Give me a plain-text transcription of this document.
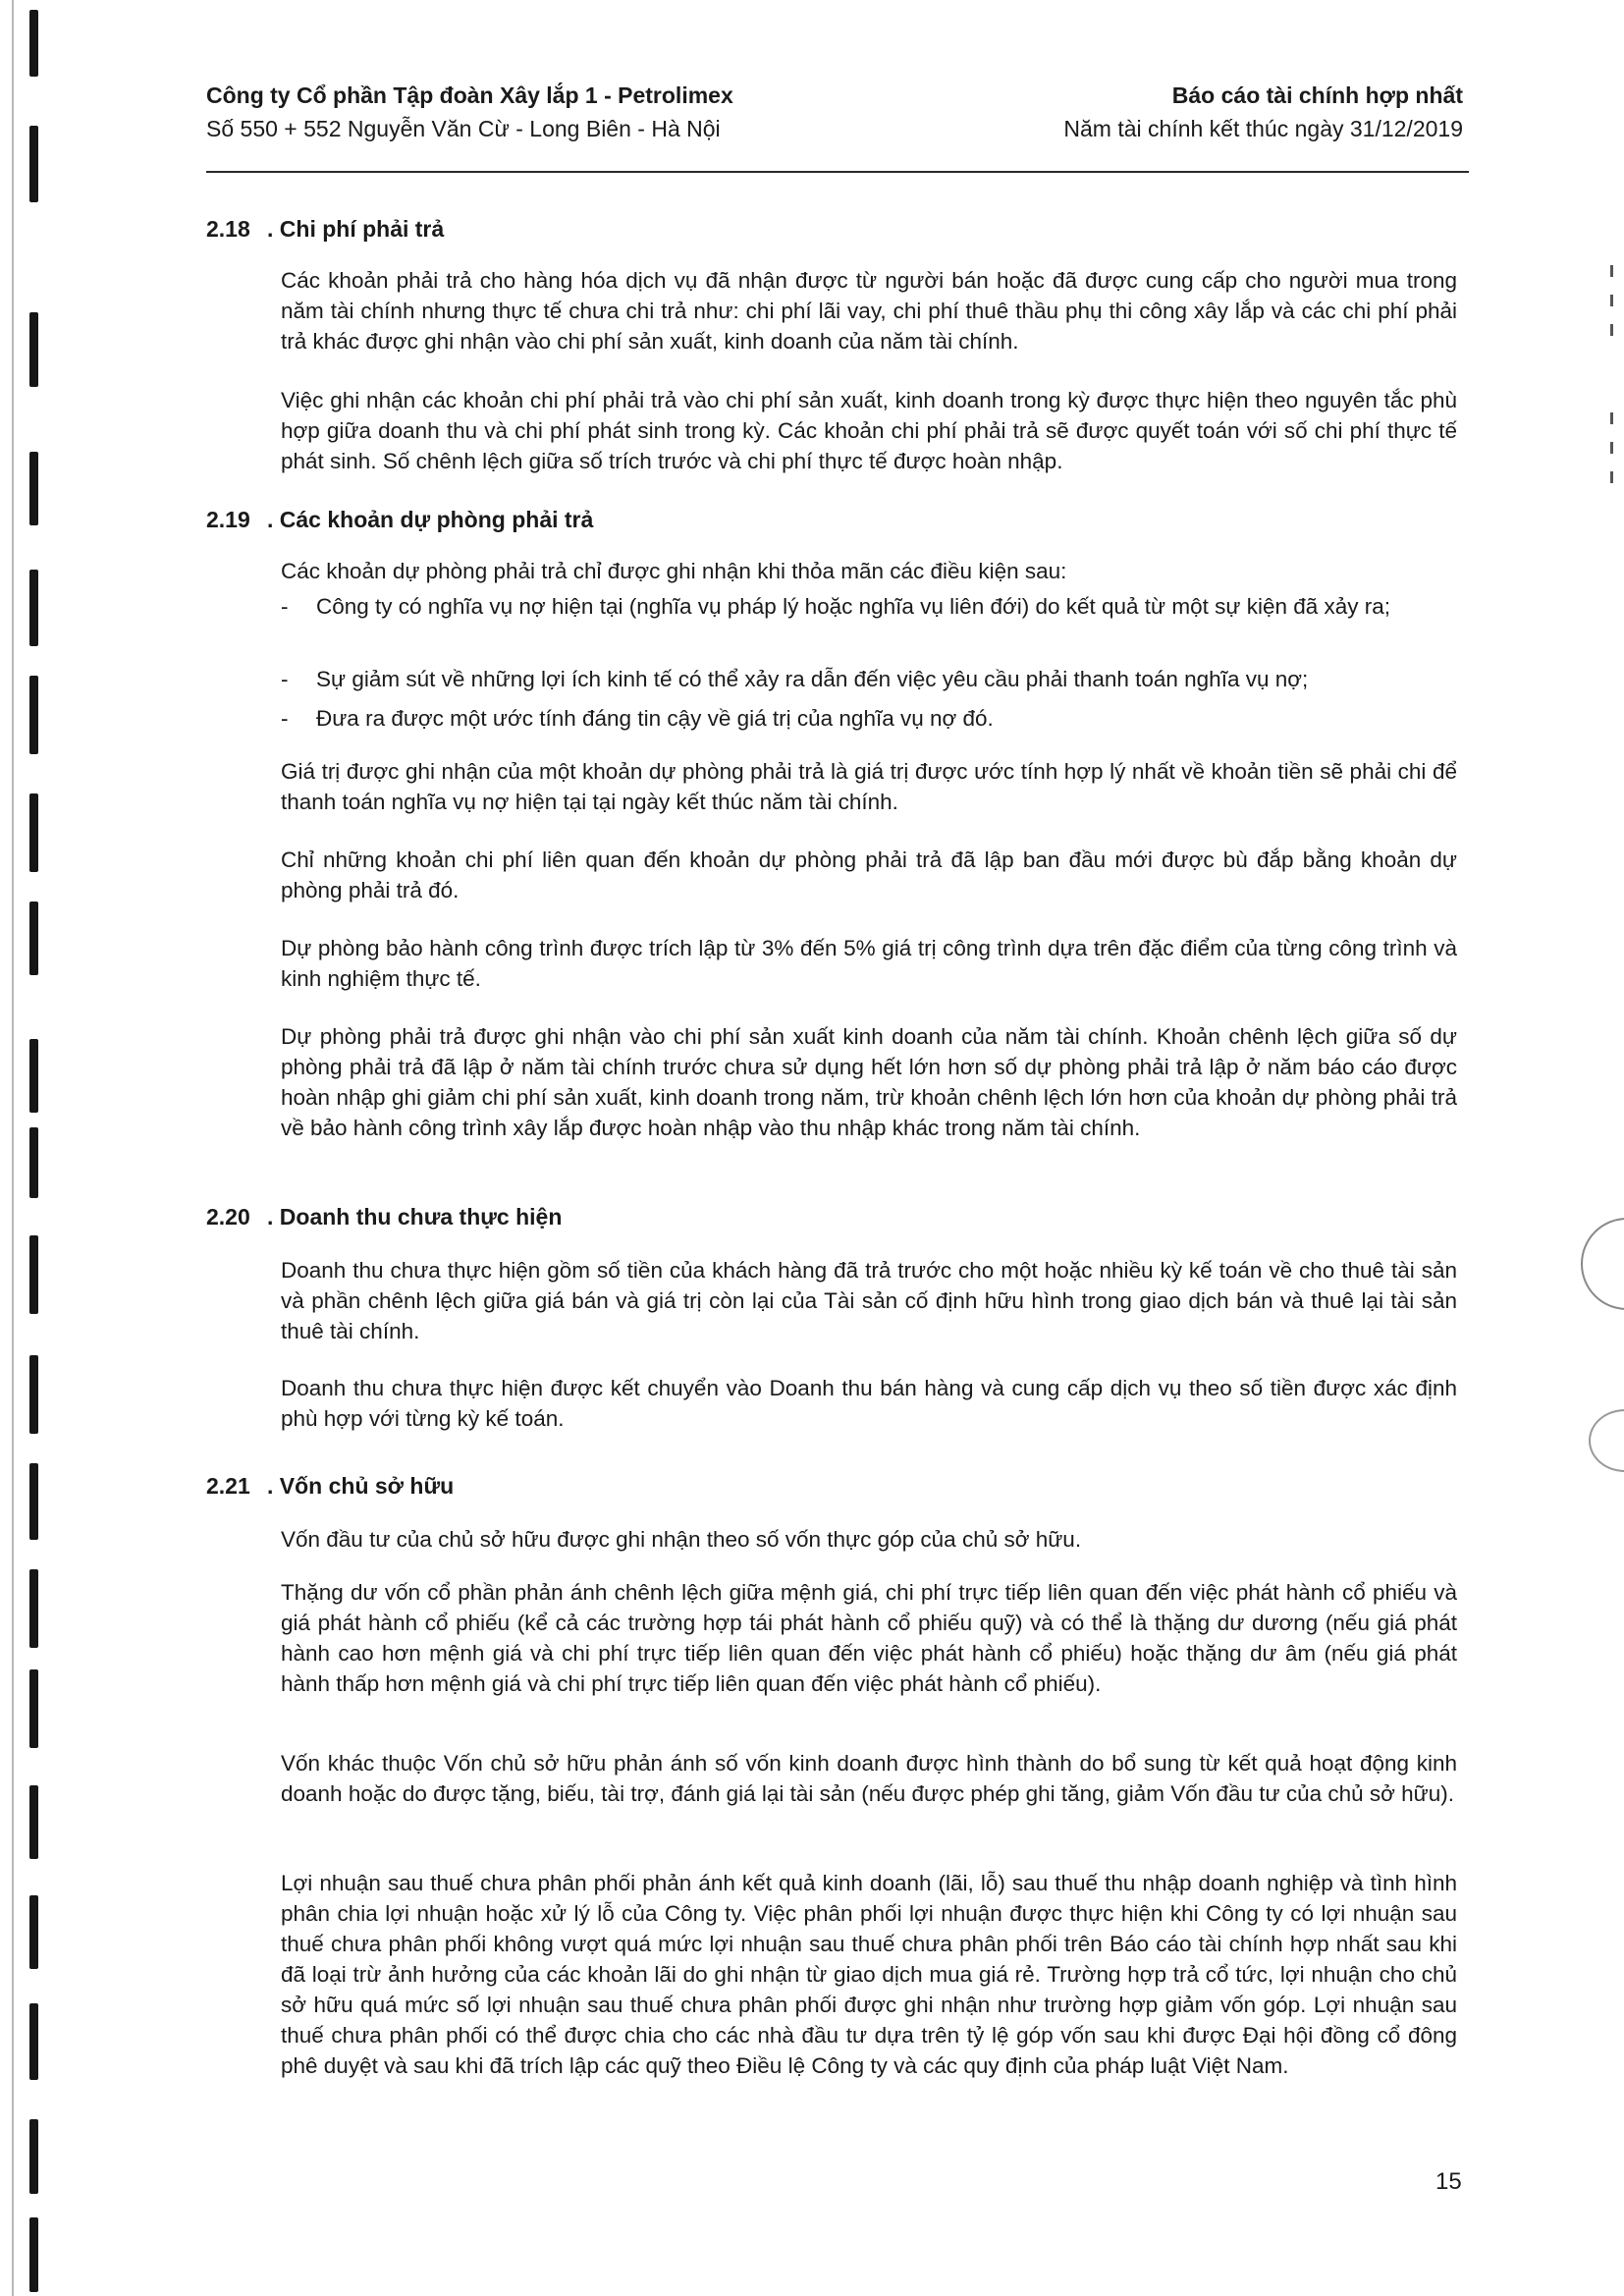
Công ty Cổ phần Tập đoàn Xây lắp 1 - Petrolimex	Báo cáo tài chính hợp nhất
Số 550 + 552 Nguyễn Văn Cừ - Long Biên - Hà Nội	Năm tài chính kết thúc ngày 31/12/2019
2.18 . Chi phí phải trả

Các khoản phải trả cho hàng hóa dịch vụ đã nhận được từ người bán hoặc đã được cung cấp cho người mua trong năm tài chính nhưng thực tế chưa chi trả như: chi phí lãi vay, chi phí thuê thầu phụ thi công xây lắp và các chi phí phải trả khác được ghi nhận vào chi phí sản xuất, kinh doanh của năm tài chính.

Việc ghi nhận các khoản chi phí phải trả vào chi phí sản xuất, kinh doanh trong kỳ được thực hiện theo nguyên tắc phù hợp giữa doanh thu và chi phí phát sinh trong kỳ. Các khoản chi phí phải trả sẽ được quyết toán với số chi phí thực tế phát sinh. Số chênh lệch giữa số trích trước và chi phí thực tế được hoàn nhập.

2.19 . Các khoản dự phòng phải trả

Các khoản dự phòng phải trả chỉ được ghi nhận khi thỏa mãn các điều kiện sau:

- Công ty có nghĩa vụ nợ hiện tại (nghĩa vụ pháp lý hoặc nghĩa vụ liên đới) do kết quả từ một sự kiện đã xảy ra;
- Sự giảm sút về những lợi ích kinh tế có thể xảy ra dẫn đến việc yêu cầu phải thanh toán nghĩa vụ nợ;
- Đưa ra được một ước tính đáng tin cậy về giá trị của nghĩa vụ nợ đó.

Giá trị được ghi nhận của một khoản dự phòng phải trả là giá trị được ước tính hợp lý nhất về khoản tiền sẽ phải chi để thanh toán nghĩa vụ nợ hiện tại tại ngày kết thúc năm tài chính.

Chỉ những khoản chi phí liên quan đến khoản dự phòng phải trả đã lập ban đầu mới được bù đắp bằng khoản dự phòng phải trả đó.

Dự phòng bảo hành công trình được trích lập từ 3% đến 5% giá trị công trình dựa trên đặc điểm của từng công trình và kinh nghiệm thực tế.

Dự phòng phải trả được ghi nhận vào chi phí sản xuất kinh doanh của năm tài chính. Khoản chênh lệch giữa số dự phòng phải trả đã lập ở năm tài chính trước chưa sử dụng hết lớn hơn số dự phòng phải trả lập ở năm báo cáo được hoàn nhập ghi giảm chi phí sản xuất, kinh doanh trong năm, trừ khoản chênh lệch lớn hơn của khoản dự phòng phải trả về bảo hành công trình xây lắp được hoàn nhập vào thu nhập khác trong năm tài chính.

2.20 . Doanh thu chưa thực hiện

Doanh thu chưa thực hiện gồm số tiền của khách hàng đã trả trước cho một hoặc nhiều kỳ kế toán về cho thuê tài sản và phần chênh lệch giữa giá bán và giá trị còn lại của Tài sản cố định hữu hình trong giao dịch bán và thuê lại tài sản thuê tài chính.

Doanh thu chưa thực hiện được kết chuyển vào Doanh thu bán hàng và cung cấp dịch vụ theo số tiền được xác định phù hợp với từng kỳ kế toán.

2.21 . Vốn chủ sở hữu

Vốn đầu tư của chủ sở hữu được ghi nhận theo số vốn thực góp của chủ sở hữu.

Thặng dư vốn cổ phần phản ánh chênh lệch giữa mệnh giá, chi phí trực tiếp liên quan đến việc phát hành cổ phiếu và giá phát hành cổ phiếu (kể cả các trường hợp tái phát hành cổ phiếu quỹ) và có thể là thặng dư dương (nếu giá phát hành cao hơn mệnh giá và chi phí trực tiếp liên quan đến việc phát hành cổ phiếu) hoặc thặng dư âm (nếu giá phát hành thấp hơn mệnh giá và chi phí trực tiếp liên quan đến việc phát hành cổ phiếu).

Vốn khác thuộc Vốn chủ sở hữu phản ánh số vốn kinh doanh được hình thành do bổ sung từ kết quả hoạt động kinh doanh hoặc do được tặng, biếu, tài trợ, đánh giá lại tài sản (nếu được phép ghi tăng, giảm Vốn đầu tư của chủ sở hữu).

Lợi nhuận sau thuế chưa phân phối phản ánh kết quả kinh doanh (lãi, lỗ) sau thuế thu nhập doanh nghiệp và tình hình phân chia lợi nhuận hoặc xử lý lỗ của Công ty. Việc phân phối lợi nhuận được thực hiện khi Công ty có lợi nhuận sau thuế chưa phân phối không vượt quá mức lợi nhuận sau thuế chưa phân phối trên Báo cáo tài chính hợp nhất sau khi đã loại trừ ảnh hưởng của các khoản lãi do ghi nhận từ giao dịch mua giá rẻ. Trường hợp trả cổ tức, lợi nhuận cho chủ sở hữu quá mức số lợi nhuận sau thuế chưa phân phối được ghi nhận như trường hợp giảm vốn góp. Lợi nhuận sau thuế chưa phân phối có thể được chia cho các nhà đầu tư dựa trên tỷ lệ góp vốn sau khi được Đại hội đồng cổ đông phê duyệt và sau khi đã trích lập các quỹ theo Điều lệ Công ty và các quy định của pháp luật Việt Nam.

15
